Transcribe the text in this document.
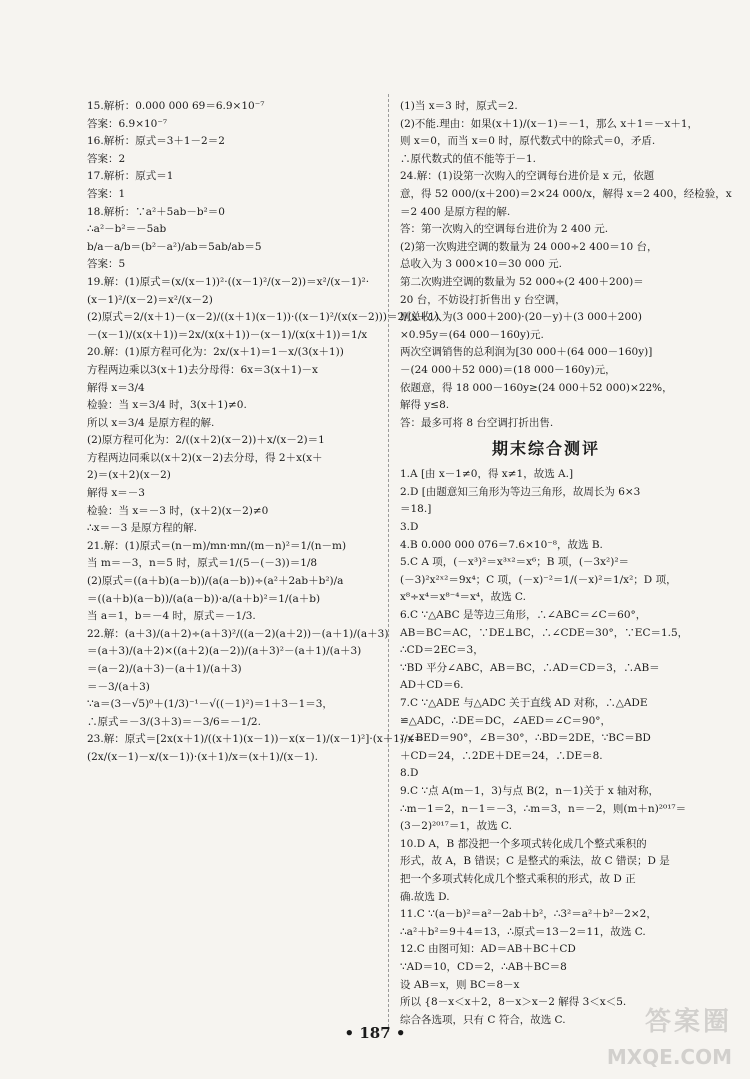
15.解析：0.000 000 69＝6.9×10⁻⁷
答案：6.9×10⁻⁷
16.解析：原式＝3＋1－2＝2
答案：2
17.解析：原式＝1
答案：1
18.解析：∵a²＋5ab－b²＝0
∴a²－b²＝－5ab
b/a－a/b＝(b²－a²)/ab＝5ab/ab＝5
答案：5
19.解：(1)原式＝(x/(x－1))²·((x－1)²/(x－2))＝x²/(x－1)²·
(x－1)²/(x－2)＝x²/(x－2)
(2)原式＝2/(x＋1)－(x－2)/((x＋1)(x－1))·((x－1)²/(x(x－2)))＝2/(x＋1)
－(x－1)/(x(x＋1))＝2x/(x(x＋1))－(x－1)/(x(x＋1))＝1/x
20.解：(1)原方程可化为：2x/(x＋1)＝1－x/(3(x＋1))
方程两边乘以3(x＋1)去分母得：6x＝3(x＋1)－x
解得 x＝3/4
检验：当 x＝3/4 时，3(x＋1)≠0.
所以 x＝3/4 是原方程的解.
(2)原方程可化为：2/((x＋2)(x－2))＋x/(x－2)＝1
方程两边同乘以(x＋2)(x－2)去分母，得 2＋x(x＋
2)＝(x＋2)(x－2)
解得 x＝－3
检验：当 x＝－3 时，(x＋2)(x－2)≠0
∴x＝－3 是原方程的解.
21.解：(1)原式＝(n－m)/mn·mn/(m－n)²＝1/(n－m)
当 m＝－3，n＝5 时，原式＝1/(5－(－3))＝1/8
(2)原式＝((a＋b)(a－b))/(a(a－b))÷(a²＋2ab＋b²)/a
＝((a＋b)(a－b))/(a(a－b))·a/(a＋b)²＝1/(a＋b)
当 a＝1，b＝－4 时，原式＝－1/3.
22.解：(a＋3)/(a＋2)÷(a＋3)²/((a－2)(a＋2))－(a＋1)/(a＋3)
＝(a＋3)/(a＋2)×((a＋2)(a－2))/(a＋3)²－(a＋1)/(a＋3)
＝(a－2)/(a＋3)－(a＋1)/(a＋3)
＝－3/(a＋3)
∵a＝(3－√5)⁰＋(1/3)⁻¹－√((－1)²)＝1＋3－1＝3，
∴原式＝－3/(3＋3)＝－3/6＝－1/2.
23.解：原式＝[2x(x＋1)/((x＋1)(x－1))－x(x－1)/(x－1)²]·(x＋1)/x＝
(2x/(x－1)－x/(x－1))·(x＋1)/x＝(x＋1)/(x－1).
(1)当 x＝3 时，原式＝2.
(2)不能.理由：如果(x＋1)/(x－1)＝－1，那么 x＋1＝－x＋1，
则 x＝0，而当 x＝0 时，原代数式中的除式＝0，矛盾.
∴原代数式的值不能等于－1.
24.解：(1)设第一次购入的空调每台进价是 x 元，依题
意，得 52 000/(x＋200)＝2×24 000/x，解得 x＝2 400，经检验，x
＝2 400 是原方程的解.
答：第一次购入的空调每台进价为 2 400 元.
(2)第一次购进空调的数量为 24 000÷2 400＝10 台，
总收入为 3 000×10＝30 000 元.
第二次购进空调的数量为 52 000÷(2 400＋200)＝
20 台，不妨设打折售出 y 台空调，
则总收入为(3 000＋200)·(20－y)＋(3 000＋200)
×0.95y＝(64 000－160y)元.
两次空调销售的总利润为[30 000＋(64 000－160y)]
－(24 000＋52 000)＝(18 000－160y)元，
依题意，得 18 000－160y≥(24 000＋52 000)×22%，
解得 y≤8.
答：最多可将 8 台空调打折出售.
期末综合测评
1.A [由 x－1≠0，得 x≠1，故选 A.]
2.D [由题意知三角形为等边三角形，故周长为 6×3
＝18.]
3.D
4.B 0.000 000 076＝7.6×10⁻⁸，故选 B.
5.C A 项，(－x³)²＝x³ˣ²＝x⁶；B 项，(－3x²)²＝
(－3)²x²ˣ²＝9x⁴；C 项，(－x)⁻²＝1/(－x)²＝1/x²；D 项，
x⁸÷x⁴＝x⁸⁻⁴＝x⁴，故选 C.
6.C ∵△ABC 是等边三角形，∴∠ABC＝∠C＝60°，
AB＝BC＝AC，∵DE⊥BC，∴∠CDE＝30°，∵EC＝1.5，
∴CD＝2EC＝3，
∵BD 平分∠ABC，AB＝BC，∴AD＝CD＝3，∴AB＝
AD＋CD＝6.
7.C ∵△ADE 与△ADC 关于直线 AD 对称，∴△ADE
≌△ADC，∴DE＝DC，∠AED＝∠C＝90°，
∴∠BED＝90°，∠B＝30°，∴BD＝2DE，∵BC＝BD
＋CD＝24，∴2DE＋DE＝24，∴DE＝8.
8.D
9.C ∵点 A(m－1，3)与点 B(2，n－1)关于 x 轴对称，
∴m－1＝2，n－1＝－3，∴m＝3，n＝－2，则(m＋n)²⁰¹⁷＝
(3－2)²⁰¹⁷＝1，故选 C.
10.D A，B 都没把一个多项式转化成几个整式乘积的
形式，故 A，B 错误；C 是整式的乘法，故 C 错误；D 是
把一个多项式转化成几个整式乘积的形式，故 D 正
确.故选 D.
11.C ∵(a－b)²＝a²－2ab＋b²，∴3²＝a²＋b²－2×2，
∴a²＋b²＝9＋4＝13，∴原式＝13－2＝11，故选 C.
12.C 由图可知：AD＝AB＋BC＋CD
∵AD＝10，CD＝2，∴AB＋BC＝8
设 AB＝x，则 BC＝8－x
所以 {8－x＜x＋2，8－x＞x－2 解得 3＜x＜5.
综合各选项，只有 C 符合，故选 C.
• 187 •	答案圈
MXQE.COM
